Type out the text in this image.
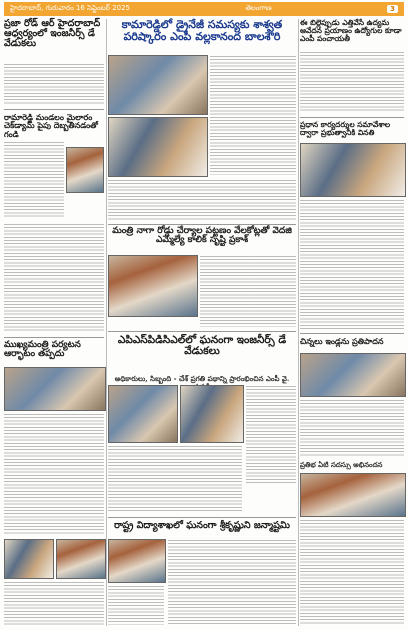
హైదరాబాద్, గురువారం 16 సెప్టెంబర్ 2025	తెలంగాణ	3
ప్రజా రోడ్ ఆర్ హైదరాబాద్ ఆధ్వర్యంలో ఇంజనీర్స్ డే వేడుకలు
రామారెడ్డి మండలం మైలారం చెక్‌డ్యామ్‌ పైపు దెబ్బతినడంతో గండి
ముఖ్యమంత్రి పర్యటన ఆర్భాటం తప్పదు
కామారెడ్డిలో డ్రైనేజీ సమస్యకు శాశ్వత పరిష్కారం ఎంపీ వల్లకానంద బాలశౌరి
మంత్రి నాగా రోడ్డు చేర్యాల పట్టణం వేలకోట్లతో వెదజి ఎమ్మెల్యే కాలిక్ సృష్టి ప్రకాశ్
ఎపిఎస్‌పిడిసిఎల్‌లో ఘనంగా ఇంజనీర్స్ డే వేడుకలు
అధికారులు, సిబ్బంది - చేశ్ ప్రగతి పథాన్ని ప్రారంభించిన ఎంపీ వై.
రాష్ట్ర విద్యాశాఖలో ఘనంగా శ్రీకృష్ణుని జన్మాష్టమి
ఈ బిల్లెప్పుడు ఎత్తివేసే ఉద్యమ ఆవేదన ప్రయాణం ఉద్యోగుల కూడా ఎంపీ పంచాయతీ
ప్రధాన కార్యదర్శుల సమావేశాల ద్వారా ప్రభుత్వానికి వినతి
చిన్నలు ఇండ్లను ప్రతిపాదన
ప్రతిభ ఏటి సదస్సు అభినందన
